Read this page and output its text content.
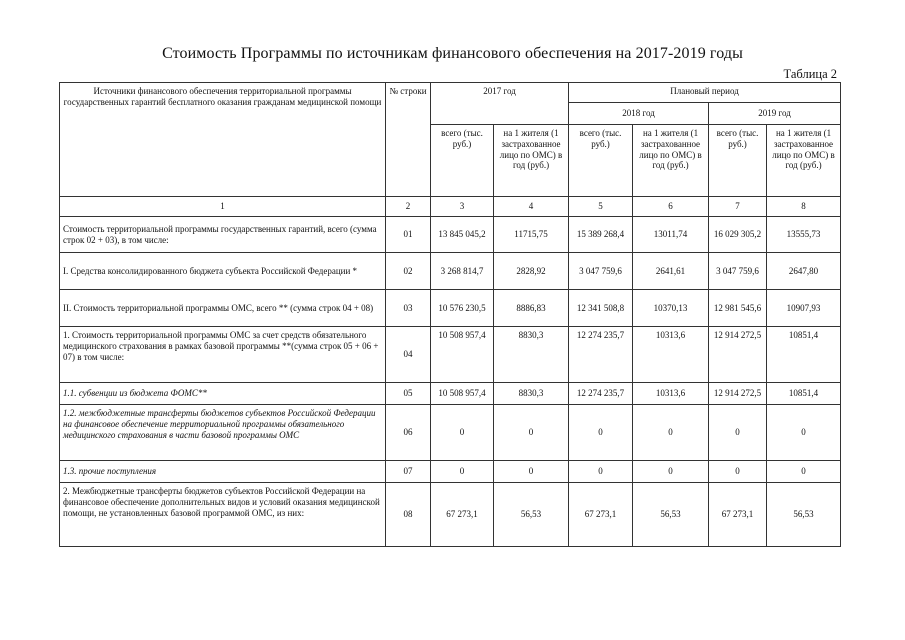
Стоимость Программы по источникам финансового обеспечения на 2017-2019 годы
Таблица 2
Источники финансового обеспечения территориальной программы государственных гарантий бесплатного оказания гражданам медицинской помощи	№ строки	2017 год		Плановый период			
				2018 год		2019 год	
		всего (тыс. руб.)	на 1 жителя (1 застрахованное лицо по ОМС) в год (руб.)	всего (тыс. руб.)	на 1 жителя (1 застрахованное лицо по ОМС) в год (руб.)	всего (тыс. руб.)	на 1 жителя (1 застрахованное лицо по ОМС) в год (руб.)
1	2	3	4	5	6	7	8
Стоимость территориальной программы государственных гарантий, всего (сумма строк 02 + 03), в том числе:	01	13 845 045,2	11715,75	15 389 268,4	13011,74	16 029 305,2	13555,73
I. Средства консолидированного бюджета субъекта Российской Федерации *	02	3 268 814,7	2828,92	3 047 759,6	2641,61	3 047 759,6	2647,80
II. Стоимость территориальной программы ОМС, всего ** (сумма строк 04 + 08)	03	10 576 230,5	8886,83	12 341 508,8	10370,13	12 981 545,6	10907,93
1. Стоимость территориальной программы ОМС за счет средств обязательного медицинского страхования в рамках базовой программы **(сумма строк 05 + 06 + 07) в том числе:	04	10 508 957,4	8830,3	12 274 235,7	10313,6	12 914 272,5	10851,4
1.1. субвенции из бюджета ФОМС**	05	10 508 957,4	8830,3	12 274 235,7	10313,6	12 914 272,5	10851,4
1.2. межбюджетные трансферты бюджетов субъектов Российской Федерации на финансовое обеспечение территориальной программы обязательного медицинского страхования в части базовой программы ОМС	06	0	0	0	0	0	0
1.3. прочие поступления	07	0	0	0	0	0	0
2. Межбюджетные трансферты бюджетов субъектов Российской Федерации на финансовое обеспечение дополнительных видов и условий оказания медицинской помощи, не установленных базовой программой ОМС, из них:	08	67 273,1	56,53	67 273,1	56,53	67 273,1	56,53
